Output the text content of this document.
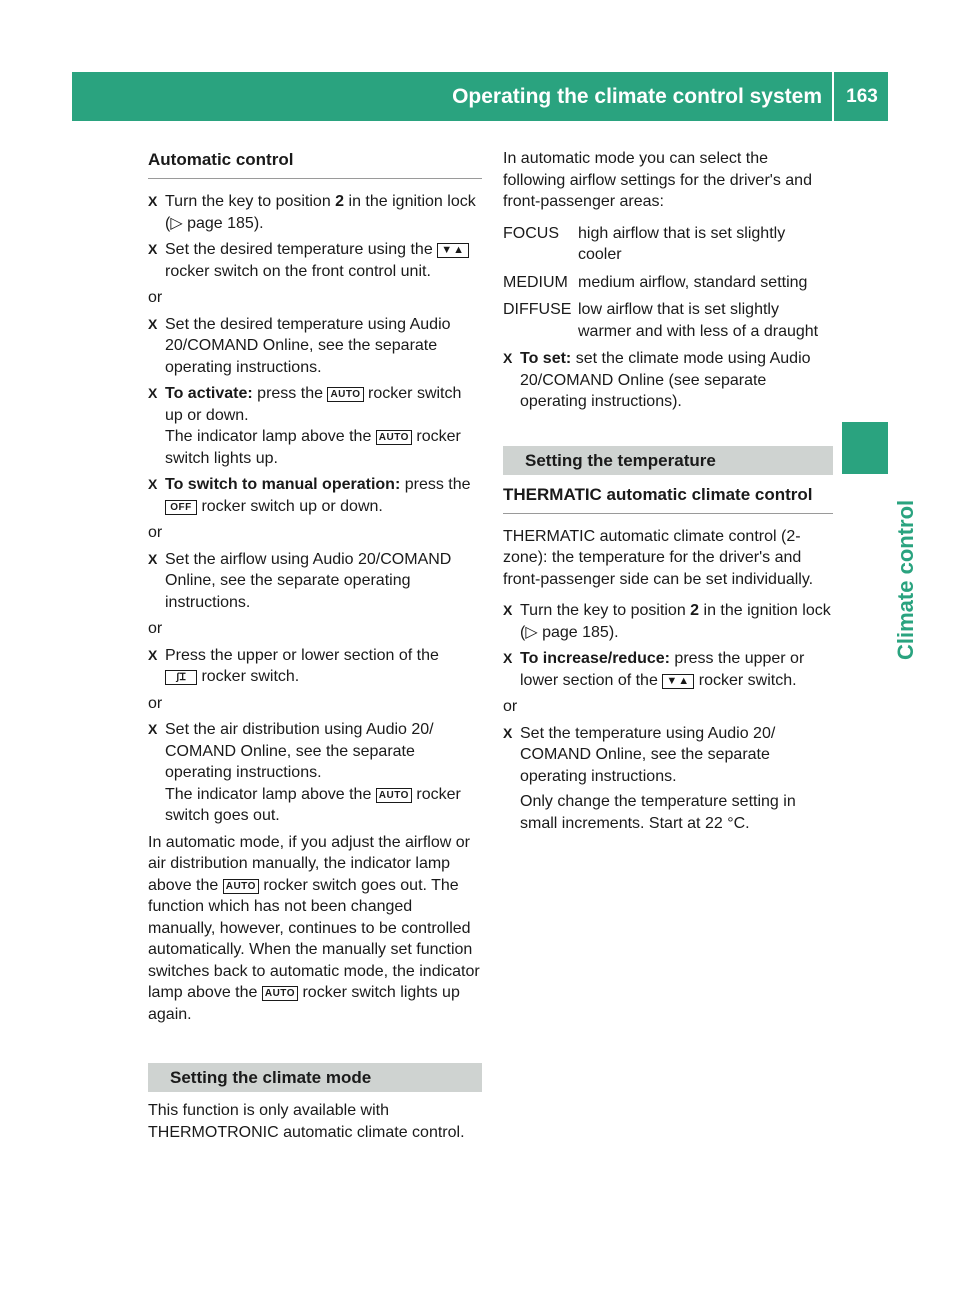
Operating the climate control system	163
Climate control
Automatic control
X Turn the key to position 2 in the ignition lock (▷ page 185).

X Set the desired temperature using the ▼▲ rocker switch on the front control unit.

or
X Set the desired temperature using Audio 20/COMAND Online, see the separate operating instructions.

X To activate: press the AUTO rocker switch up or down.

The indicator lamp above the AUTO rocker switch lights up.

X To switch to manual operation: press the
OFF rocker switch up or down.

or
X Set the airflow using Audio 20/COMAND Online, see the separate operating instructions.

or
X Press the upper or lower section of the
ʃꞮ rocker switch.

or
X Set the air distribution using Audio 20/ COMAND Online, see the separate operating instructions.

The indicator lamp above the AUTO rocker switch goes out.

In automatic mode, if you adjust the airflow or air distribution manually, the indicator lamp above the AUTO rocker switch goes out. The function which has not been changed manually, however, continues to be controlled automatically. When the manually set function switches back to automatic mode, the indicator lamp above the AUTO rocker switch lights up again.

Setting the climate mode

This function is only available with THERMOTRONIC automatic climate control.

In automatic mode you can select the following airflow settings for the driver's and front-passenger areas:

FOCUS	high airflow that is set slightly cooler
MEDIUM medium airflow, standard setting
DIFFUSE low airflow that is set slightly warmer and with less of a draught
X To set: set the climate mode using Audio 20/COMAND Online (see separate operating instructions).

Setting the temperature
THERMATIC automatic climate control

THERMATIC automatic climate control (2-zone): the temperature for the driver's and front-passenger side can be set individually.

X Turn the key to position 2 in the ignition lock (▷ page 185).

X To increase/reduce: press the upper or lower section of the ▼▲ rocker switch.

or
X Set the temperature using Audio 20/ COMAND Online, see the separate operating instructions.

Only change the temperature setting in small increments. Start at 22 °C.
